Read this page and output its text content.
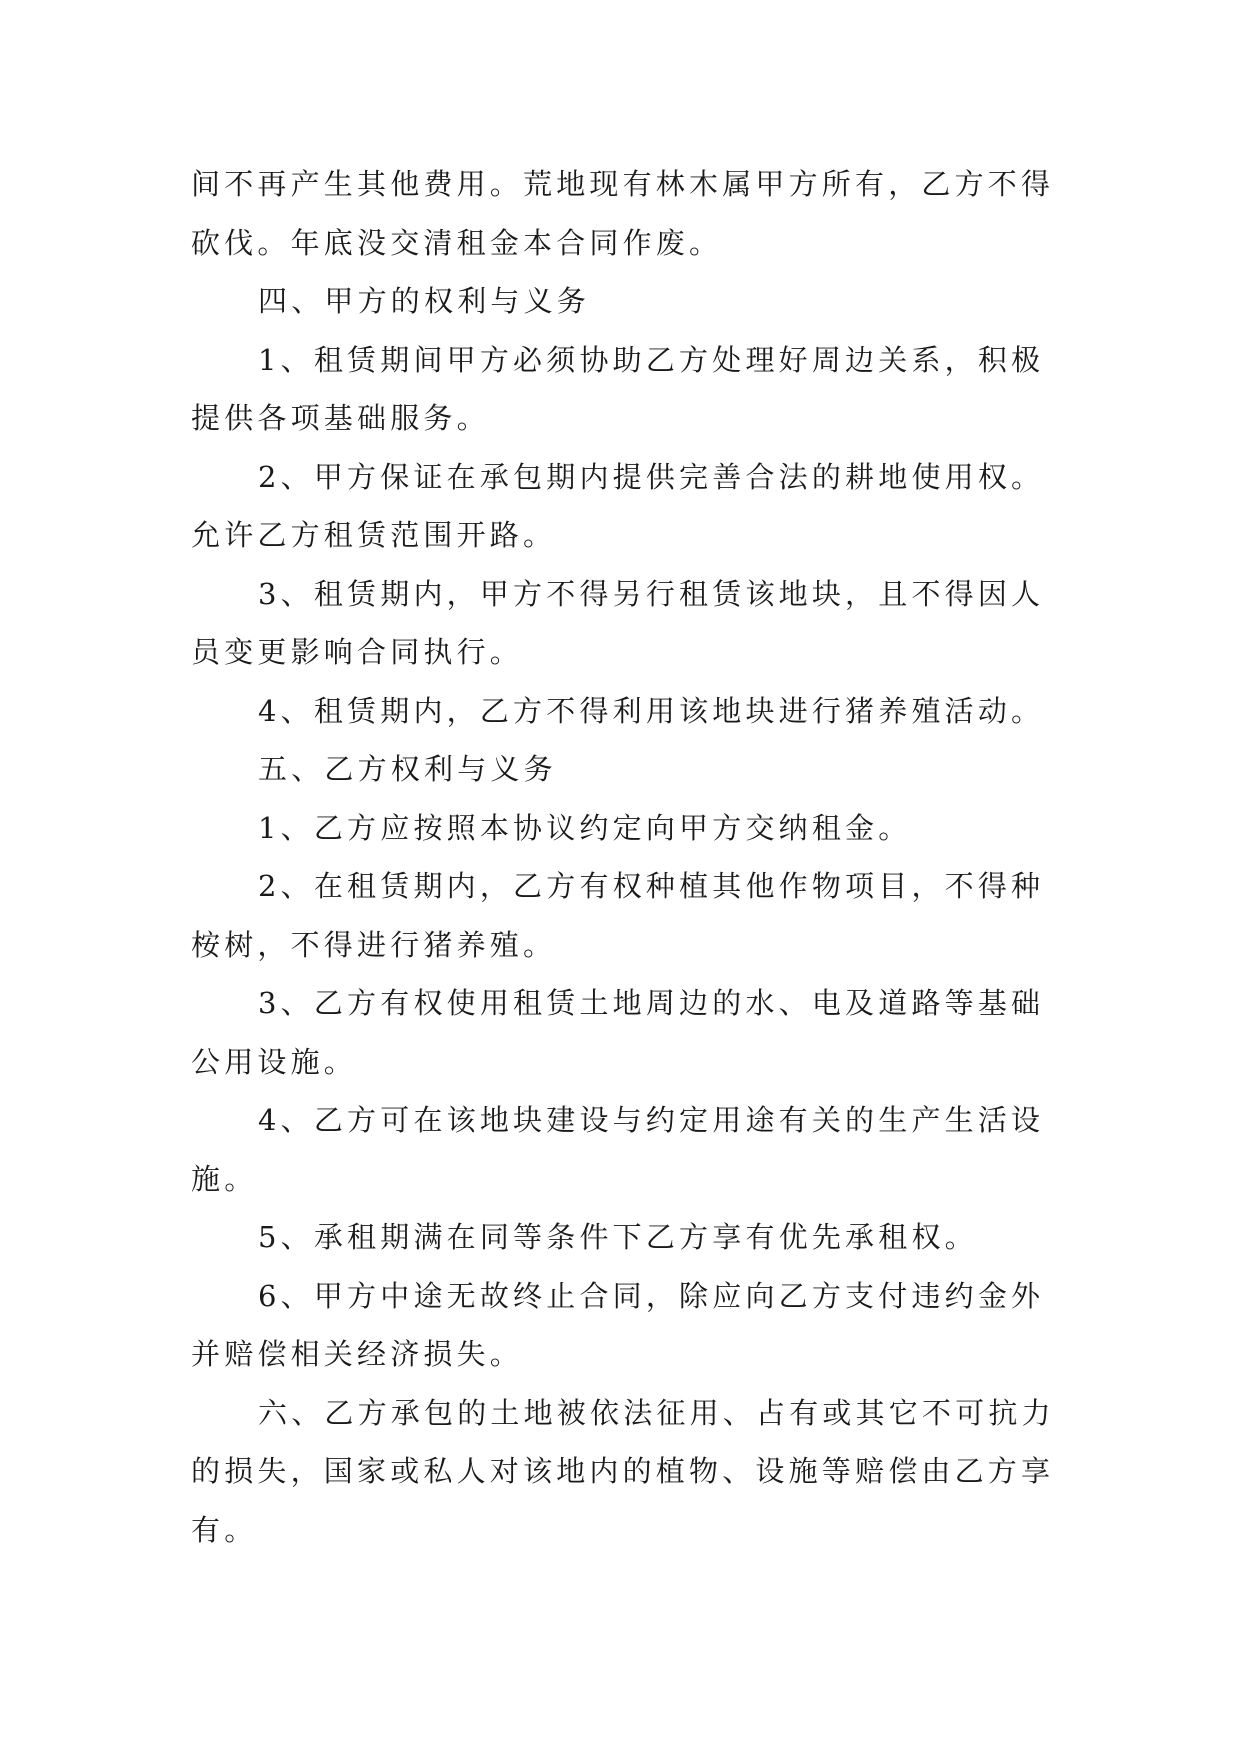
间不再产生其他费用。荒地现有林木属甲方所有，乙方不得砍伐。年底没交清租金本合同作废。

四、甲方的权利与义务

1、租赁期间甲方必须协助乙方处理好周边关系，积极提供各项基础服务。

2、甲方保证在承包期内提供完善合法的耕地使用权。允许乙方租赁范围开路。

3、租赁期内，甲方不得另行租赁该地块，且不得因人员变更影响合同执行。

4、租赁期内，乙方不得利用该地块进行猪养殖活动。

五、乙方权利与义务

1、乙方应按照本协议约定向甲方交纳租金。

2、在租赁期内，乙方有权种植其他作物项目，不得种桉树，不得进行猪养殖。

3、乙方有权使用租赁土地周边的水、电及道路等基础公用设施。

4、乙方可在该地块建设与约定用途有关的生产生活设施。

5、承租期满在同等条件下乙方享有优先承租权。

6、甲方中途无故终止合同，除应向乙方支付违约金外并赔偿相关经济损失。

六、乙方承包的土地被依法征用、占有或其它不可抗力的损失，国家或私人对该地内的植物、设施等赔偿由乙方享有。
